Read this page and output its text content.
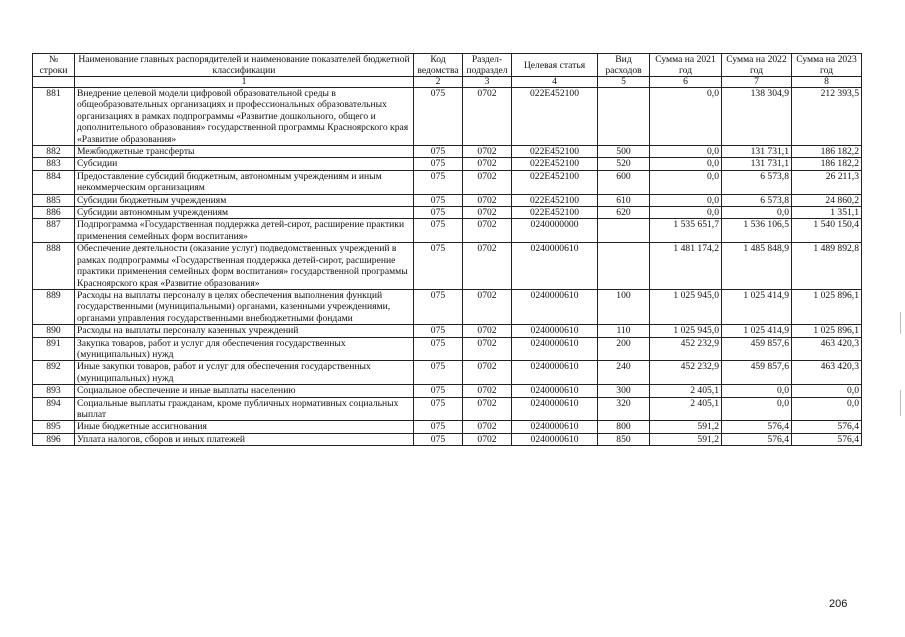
№ строки	Наименование главных распорядителей и наименование показателей бюджетной классификации	Код ведомства	Раздел-подраздел	Целевая статья	Вид расходов	Сумма на 2021 год	Сумма на 2022 год	Сумма на 2023 год
	1	2	3	4	5	6	7	8
881	Внедрение целевой модели цифровой образовательной среды в общеобразовательных организациях и профессиональных образовательных организациях в рамках подпрограммы «Развитие дошкольного, общего и дополнительного образования» государственной программы Красноярского края «Развитие образования»	075	0702	022E452100		0,0	138 304,9	212 393,5
882	Межбюджетные трансферты	075	0702	022E452100	500	0,0	131 731,1	186 182,2
883	Субсидии	075	0702	022E452100	520	0,0	131 731,1	186 182,2
884	Предоставление субсидий бюджетным, автономным учреждениям и иным некоммерческим организациям	075	0702	022E452100	600	0,0	6 573,8	26 211,3
885	Субсидии бюджетным учреждениям	075	0702	022E452100	610	0,0	6 573,8	24 860,2
886	Субсидии автономным учреждениям	075	0702	022E452100	620	0,0	0,0	1 351,1
887	Подпрограмма «Государственная поддержка детей-сирот, расширение практики применения семейных форм воспитания»	075	0702	0240000000		1 535 651,7	1 536 106,5	1 540 150,4
888	Обеспечение деятельности (оказание услуг) подведомственных учреждений в рамках подпрограммы «Государственная поддержка детей-сирот, расширение практики применения семейных форм воспитания» государственной программы Красноярского края «Развитие образования»	075	0702	0240000610		1 481 174,2	1 485 848,9	1 489 892,8
889	Расходы на выплаты персоналу в целях обеспечения выполнения функций государственными (муниципальными) органами, казенными учреждениями, органами управления государственными внебюджетными фондами	075	0702	0240000610	100	1 025 945,0	1 025 414,9	1 025 896,1
890	Расходы на выплаты персоналу казенных учреждений	075	0702	0240000610	110	1 025 945,0	1 025 414,9	1 025 896,1
891	Закупка товаров, работ и услуг для обеспечения государственных (муниципальных) нужд	075	0702	0240000610	200	452 232,9	459 857,6	463 420,3
892	Иные закупки товаров, работ и услуг для обеспечения государственных (муниципальных) нужд	075	0702	0240000610	240	452 232,9	459 857,6	463 420,3
893	Социальное обеспечение и иные выплаты населению	075	0702	0240000610	300	2 405,1	0,0	0,0
894	Социальные выплаты гражданам, кроме публичных нормативных социальных выплат	075	0702	0240000610	320	2 405,1	0,0	0,0
895	Иные бюджетные ассигнования	075	0702	0240000610	800	591,2	576,4	576,4
896	Уплата налогов, сборов и иных платежей	075	0702	0240000610	850	591,2	576,4	576,4
206
